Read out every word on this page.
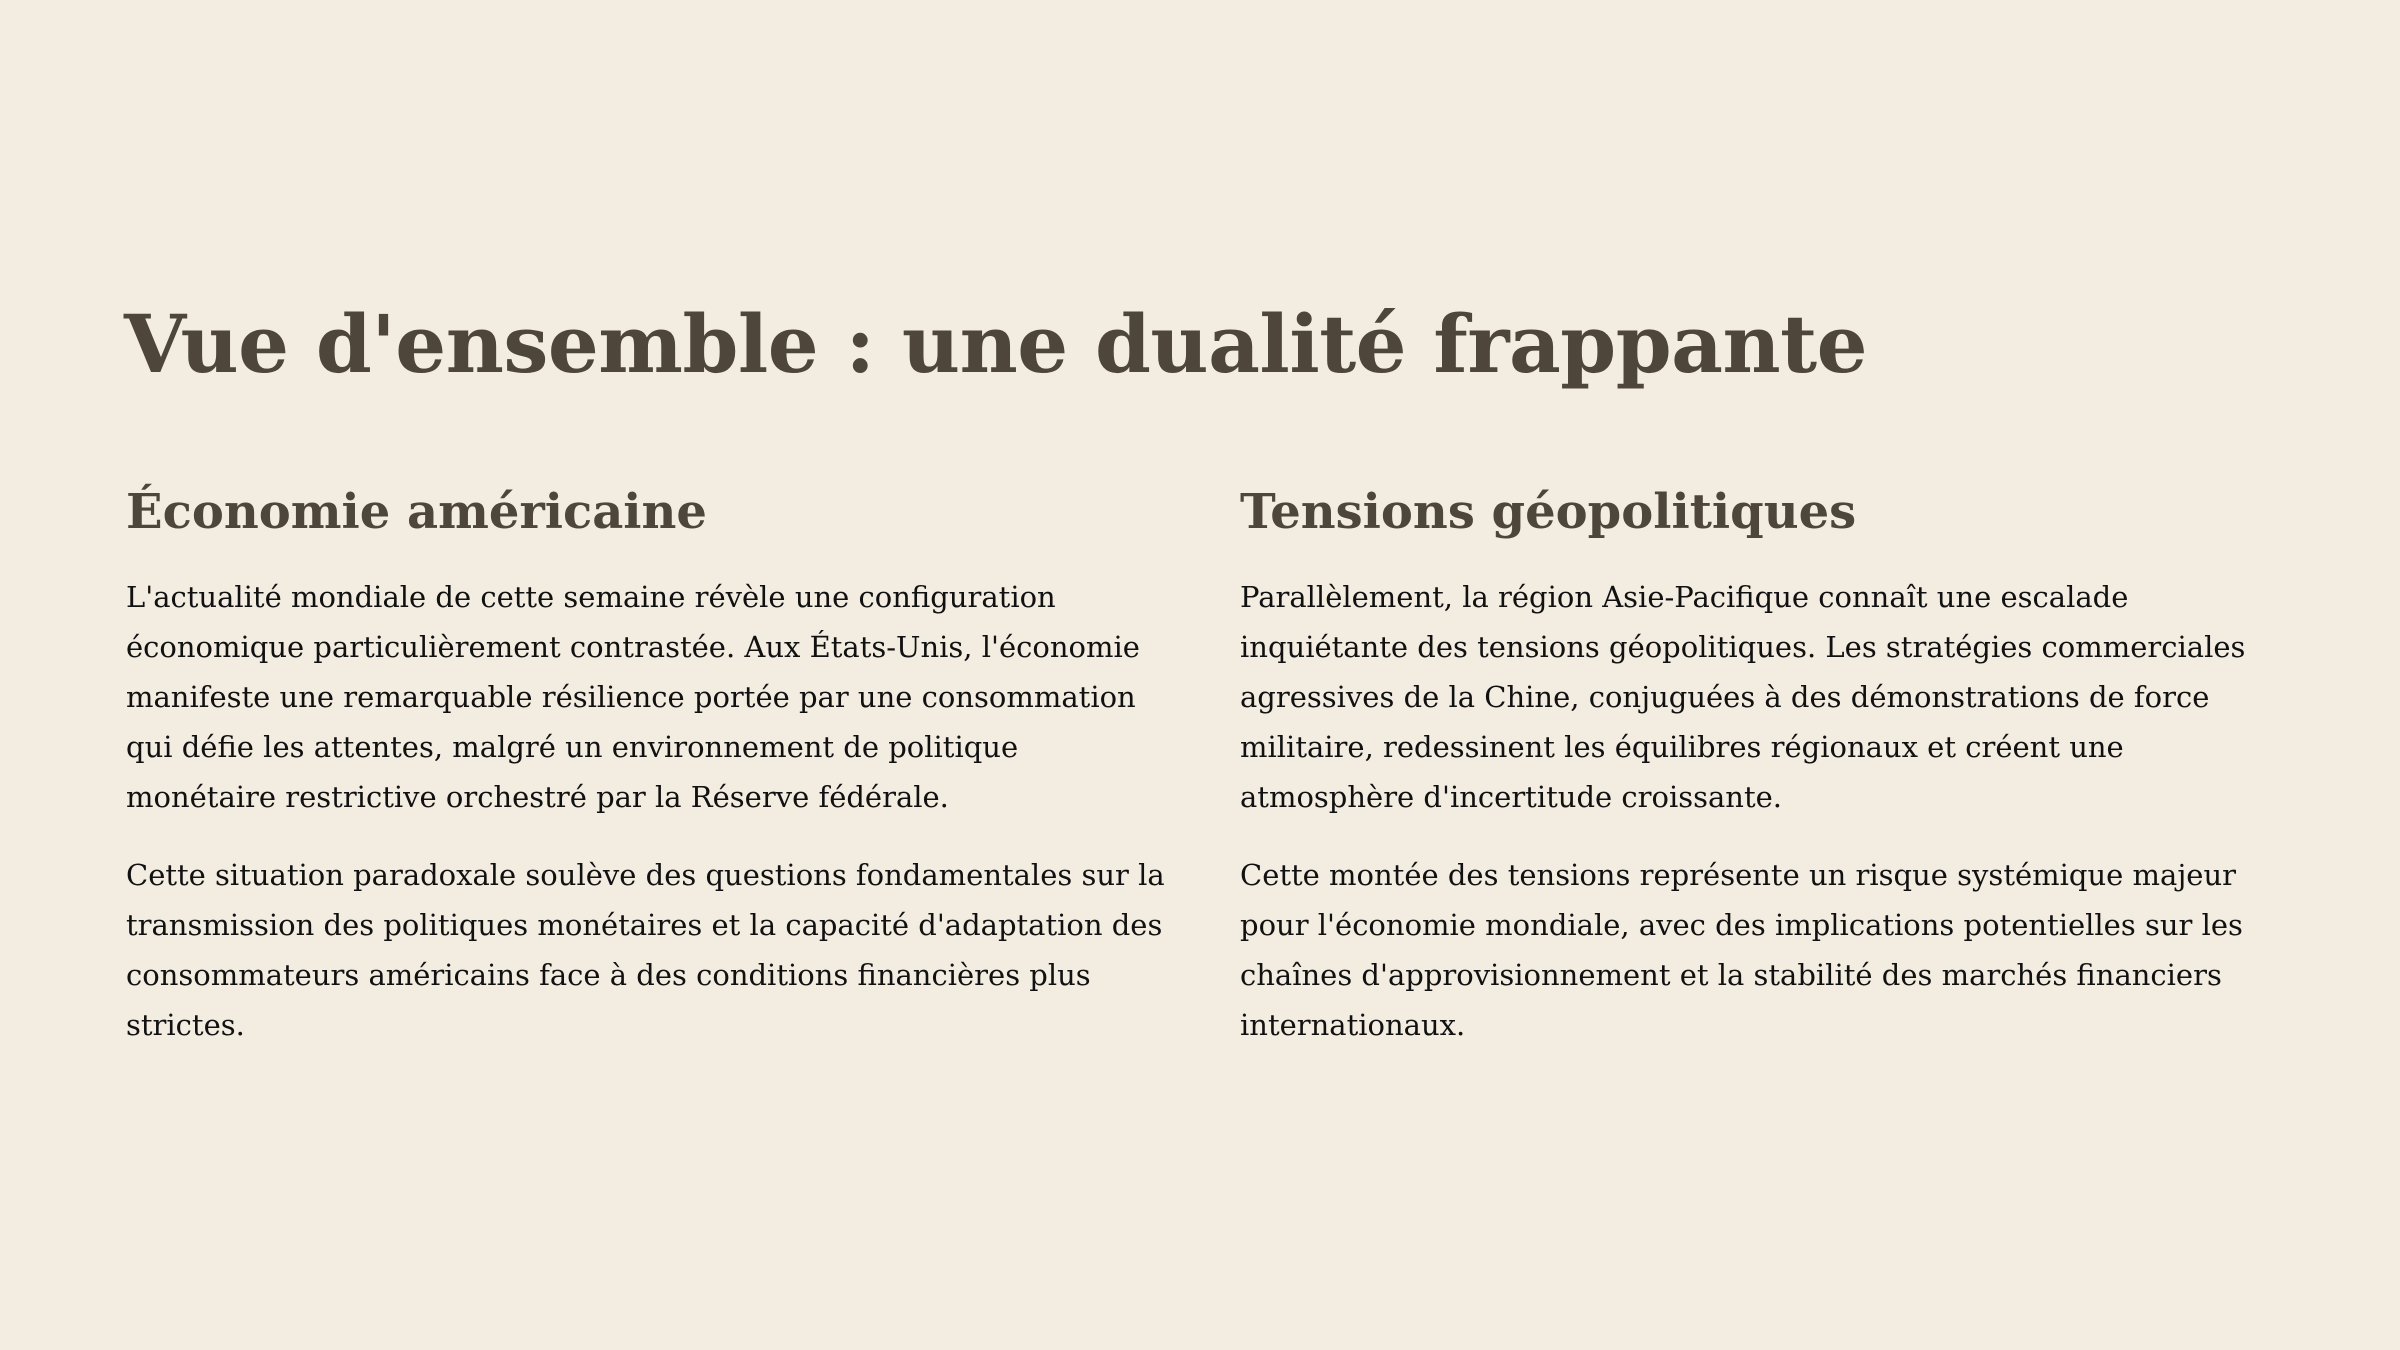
Vue d'ensemble : une dualité frappante
Économie américaine

L'actualité mondiale de cette semaine révèle une configuration économique particulièrement contrastée. Aux États-Unis, l'économie manifeste une remarquable résilience portée par une consommation qui défie les attentes, malgré un environnement de politique monétaire restrictive orchestré par la Réserve fédérale.

Cette situation paradoxale soulève des questions fondamentales sur la transmission des politiques monétaires et la capacité d'adaptation des consommateurs américains face à des conditions financières plus strictes.

Tensions géopolitiques

Parallèlement, la région Asie-Pacifique connaît une escalade inquiétante des tensions géopolitiques. Les stratégies commerciales agressives de la Chine, conjuguées à des démonstrations de force militaire, redessinent les équilibres régionaux et créent une atmosphère d'incertitude croissante.

Cette montée des tensions représente un risque systémique majeur pour l'économie mondiale, avec des implications potentielles sur les chaînes d'approvisionnement et la stabilité des marchés financiers internationaux.
